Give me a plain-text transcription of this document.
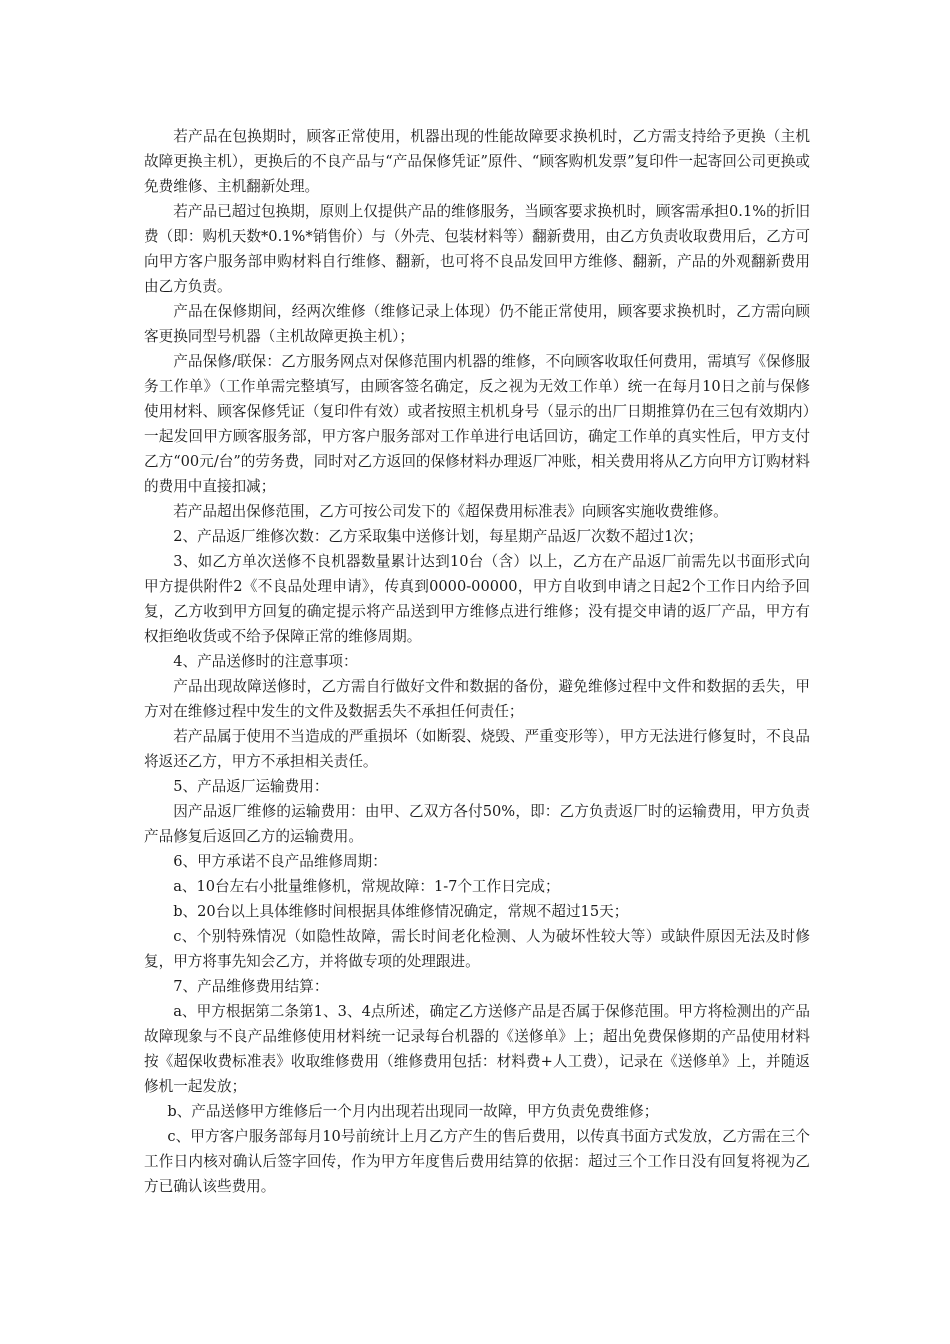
若产品在包换期时，顾客正常使用，机器出现的性能故障要求换机时，乙方需支持给予更换（主机故障更换主机），更换后的不良产品与“产品保修凭证”原件、“顾客购机发票”复印件一起寄回公司更换或免费维修、主机翻新处理。

若产品已超过包换期，原则上仅提供产品的维修服务，当顾客要求换机时，顾客需承担0.1%的折旧费（即：购机天数*0.1%*销售价）与（外壳、包装材料等）翻新费用，由乙方负责收取费用后，乙方可向甲方客户服务部申购材料自行维修、翻新，也可将不良品发回甲方维修、翻新，产品的外观翻新费用由乙方负责。

产品在保修期间，经两次维修（维修记录上体现）仍不能正常使用，顾客要求换机时，乙方需向顾客更换同型号机器（主机故障更换主机）；

产品保修/联保：乙方服务网点对保修范围内机器的维修，不向顾客收取任何费用，需填写《保修服务工作单》（工作单需完整填写，由顾客签名确定，反之视为无效工作单）统一在每月10日之前与保修使用材料、顾客保修凭证（复印件有效）或者按照主机机身号（显示的出厂日期推算仍在三包有效期内）一起发回甲方顾客服务部，甲方客户服务部对工作单进行电话回访，确定工作单的真实性后，甲方支付乙方“00元/台”的劳务费，同时对乙方返回的保修材料办理返厂冲账，相关费用将从乙方向甲方订购材料的费用中直接扣减；

若产品超出保修范围，乙方可按公司发下的《超保费用标准表》向顾客实施收费维修。

2、产品返厂维修次数：乙方采取集中送修计划，每星期产品返厂次数不超过1次；

3、如乙方单次送修不良机器数量累计达到10台（含）以上，乙方在产品返厂前需先以书面形式向甲方提供附件2《不良品处理申请》，传真到0000-00000，甲方自收到申请之日起2个工作日内给予回复，乙方收到甲方回复的确定提示将产品送到甲方维修点进行维修；没有提交申请的返厂产品，甲方有权拒绝收货或不给予保障正常的维修周期。

4、产品送修时的注意事项：

产品出现故障送修时，乙方需自行做好文件和数据的备份，避免维修过程中文件和数据的丢失，甲方对在维修过程中发生的文件及数据丢失不承担任何责任；

若产品属于使用不当造成的严重损坏（如断裂、烧毁、严重变形等），甲方无法进行修复时，不良品将返还乙方，甲方不承担相关责任。

5、产品返厂运输费用：

因产品返厂维修的运输费用：由甲、乙双方各付50%，即：乙方负责返厂时的运输费用，甲方负责产品修复后返回乙方的运输费用。

6、甲方承诺不良产品维修周期：

a、10台左右小批量维修机，常规故障：1-7个工作日完成；

b、20台以上具体维修时间根据具体维修情况确定，常规不超过15天；

c、个别特殊情况（如隐性故障，需长时间老化检测、人为破坏性较大等）或缺件原因无法及时修复，甲方将事先知会乙方，并将做专项的处理跟进。

7、产品维修费用结算：

a、甲方根据第二条第1、3、4点所述，确定乙方送修产品是否属于保修范围。甲方将检测出的产品故障现象与不良产品维修使用材料统一记录每台机器的《送修单》上；超出免费保修期的产品使用材料按《超保收费标准表》收取维修费用（维修费用包括：材料费+人工费），记录在《送修单》上，并随返修机一起发放；

b、产品送修甲方维修后一个月内出现若出现同一故障，甲方负责免费维修；

c、甲方客户服务部每月10号前统计上月乙方产生的售后费用，以传真书面方式发放，乙方需在三个工作日内核对确认后签字回传，作为甲方年度售后费用结算的依据：超过三个工作日没有回复将视为乙方已确认该些费用。
